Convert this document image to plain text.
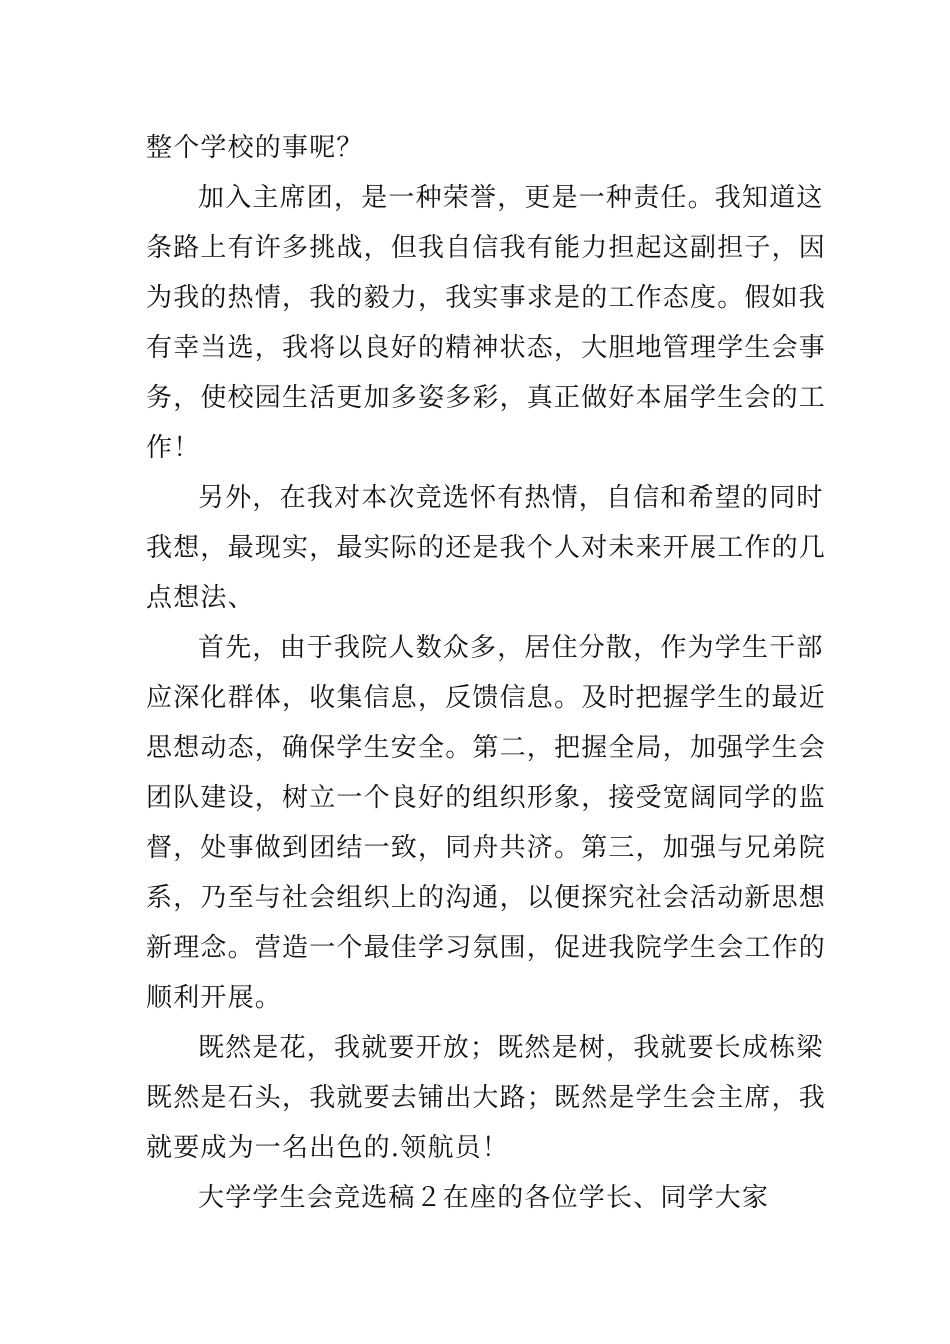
整个学校的事呢？
加入主席团，是一种荣誉，更是一种责任。我知道这
条路上有许多挑战，但我自信我有能力担起这副担子，因
为我的热情，我的毅力，我实事求是的工作态度。假如我
有幸当选，我将以良好的精神状态，大胆地管理学生会事
务，使校园生活更加多姿多彩，真正做好本届学生会的工
作！
另外，在我对本次竞选怀有热情，自信和希望的同时
我想，最现实，最实际的还是我个人对未来开展工作的几
点想法、
首先，由于我院人数众多，居住分散，作为学生干部
应深化群体，收集信息，反馈信息。及时把握学生的最近
思想动态，确保学生安全。第二，把握全局，加强学生会
团队建设，树立一个良好的组织形象，接受宽阔同学的监
督，处事做到团结一致，同舟共济。第三，加强与兄弟院
系，乃至与社会组织上的沟通，以便探究社会活动新思想
新理念。营造一个最佳学习氛围，促进我院学生会工作的
顺利开展。
既然是花，我就要开放；既然是树，我就要长成栋梁
既然是石头，我就要去铺出大路；既然是学生会主席，我
就要成为一名出色的.领航员！
大学学生会竞选稿２在座的各位学长、同学大家
